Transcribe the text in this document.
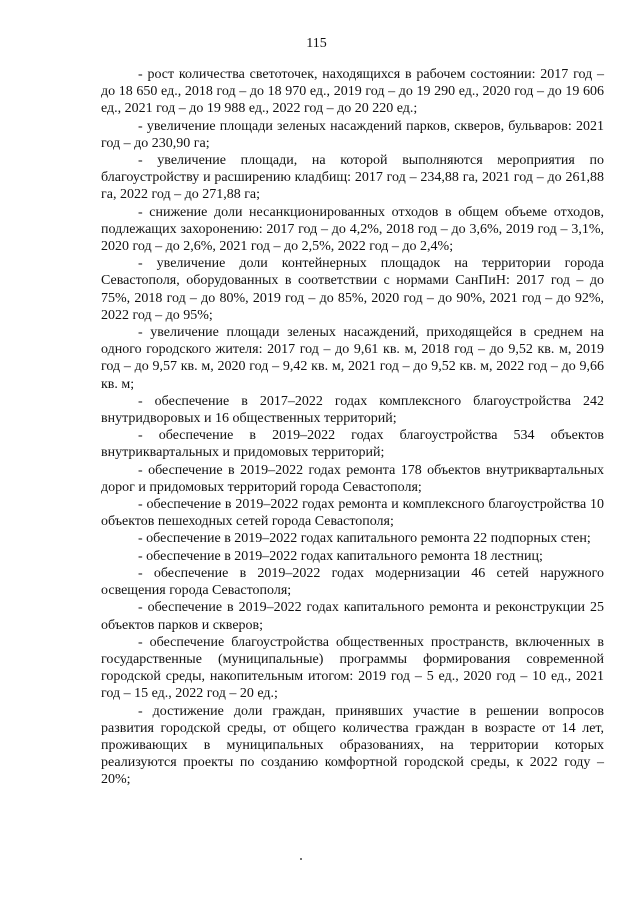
115

- рост количества светоточек, находящихся в рабочем состоянии: 2017 год – до 18 650 ед., 2018 год – до 18 970 ед., 2019 год – до 19 290 ед., 2020 год – до 19 606 ед., 2021 год – до 19 988 ед., 2022 год – до 20 220 ед.;

- увеличение площади зеленых насаждений парков, скверов, бульваров: 2021 год – до 230,90 га;

- увеличение площади, на которой выполняются мероприятия по благоустройству и расширению кладбищ: 2017 год – 234,88 га, 2021 год – до 261,88 га, 2022 год – до 271,88 га;

- снижение доли несанкционированных отходов в общем объеме отходов, подлежащих захоронению: 2017 год – до 4,2%, 2018 год – до 3,6%, 2019 год – 3,1%, 2020 год – до 2,6%, 2021 год – до 2,5%, 2022 год – до 2,4%;

- увеличение доли контейнерных площадок на территории города Севастополя, оборудованных в соответствии с нормами СанПиН: 2017 год – до 75%, 2018 год – до 80%, 2019 год – до 85%, 2020 год – до 90%, 2021 год – до 92%, 2022 год – до 95%;

- увеличение площади зеленых насаждений, приходящейся в среднем на одного городского жителя: 2017 год – до 9,61 кв. м, 2018 год – до 9,52 кв. м, 2019 год – до 9,57 кв. м, 2020 год – 9,42 кв. м, 2021 год – до 9,52 кв. м, 2022 год – до 9,66 кв. м;

- обеспечение в 2017–2022 годах комплексного благоустройства 242 внутридворовых и 16 общественных территорий;

- обеспечение в 2019–2022 годах благоустройства 534 объектов внутриквартальных и придомовых территорий;

- обеспечение в 2019–2022 годах ремонта 178 объектов внутриквартальных дорог и придомовых территорий города Севастополя;

- обеспечение в 2019–2022 годах ремонта и комплексного благоустройства 10 объектов пешеходных сетей города Севастополя;

- обеспечение в 2019–2022 годах капитального ремонта 22 подпорных стен;

- обеспечение в 2019–2022 годах капитального ремонта 18 лестниц;

- обеспечение в 2019–2022 годах модернизации 46 сетей наружного освещения города Севастополя;

- обеспечение в 2019–2022 годах капитального ремонта и реконструкции 25 объектов парков и скверов;

- обеспечение благоустройства общественных пространств, включенных в государственные (муниципальные) программы формирования современной городской среды, накопительным итогом: 2019 год – 5 ед., 2020 год – 10 ед., 2021 год – 15 ед., 2022 год – 20 ед.;

- достижение доли граждан, принявших участие в решении вопросов развития городской среды, от общего количества граждан в возрасте от 14 лет, проживающих в муниципальных образованиях, на территории которых реализуются проекты по созданию комфортной городской среды, к 2022 году – 20%;
